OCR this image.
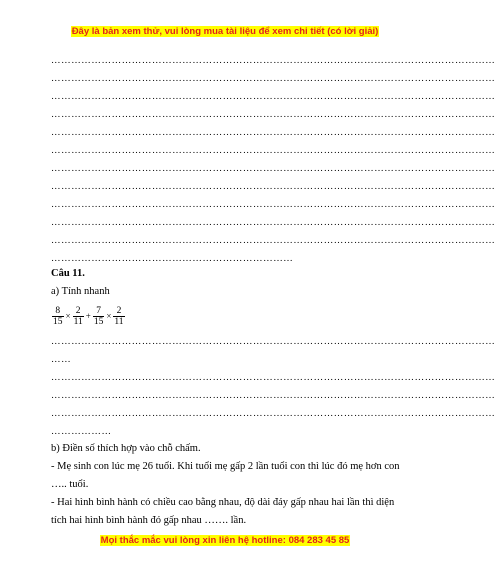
Đây là bản xem thử, vui lòng mua tài liệu để xem chi tiết (có lời giải)
……………………………………………………………………………………………………………………
……………………………………………………………………………………………………………………
……………………………………………………………………………………………………………………
……………………………………………………………………………………………………………………
……………………………………………………………………………………………………………………
……………………………………………………………………………………………………………………
……………………………………………………………………………………………………………………
……………………………………………………………………………………………………………………
……………………………………………………………………………………………………………………
……………………………………………………………………………………………………………………
……………………………………………………………………………………………………………………
………………………………………………………………
Câu 11.
a) Tính nhanh
$\frac{8}{15} \times \frac{2}{11} + \frac{7}{15} \times \frac{2}{11}$
……………………………………………………………………………………………………………………
……
……………………………………………………………………………………………………………………
……………………………………………………………………………………………………………………
……………………………………………………………………………………………………………………
………………
b) Điền số thích hợp vào chỗ chấm.
- Mẹ sinh con lúc mẹ 26 tuổi. Khi tuổi mẹ gấp 2 lần tuổi con thì lúc đó mẹ hơn con
….. tuổi.
- Hai hình bình hành có chiều cao bằng nhau, độ dài đáy gấp nhau hai lần thì diện
tích hai hình bình hành đó gấp nhau ……. lần.
Mọi thắc mắc vui lòng xin liên hệ hotline: 084 283 45 85
